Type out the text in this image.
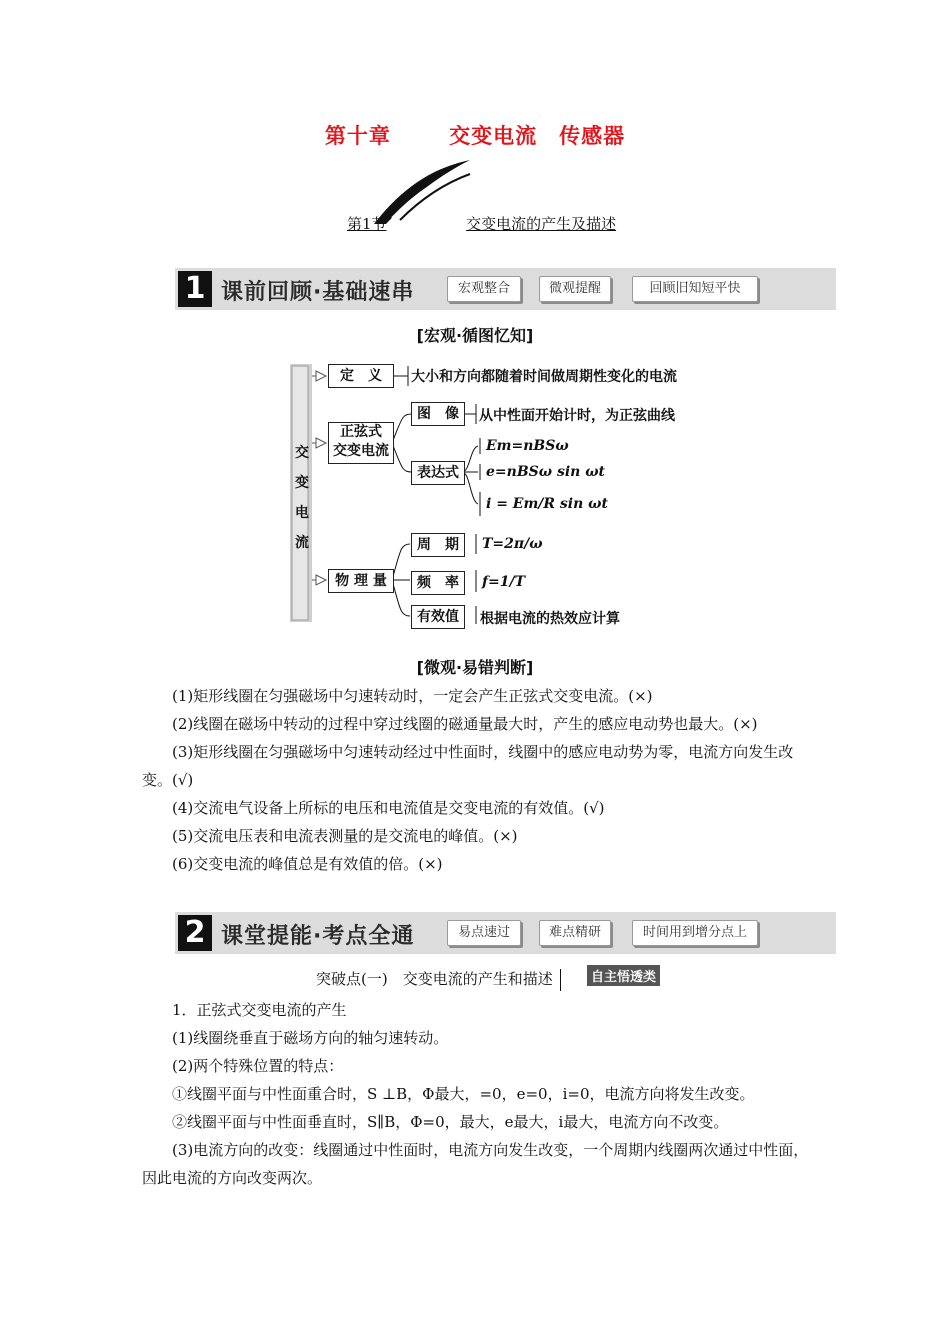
第十章	交变电流　传感器
第1节	交变电流的产生及描述
1 课前回顾·基础速串	宏观整合	微观提醒	回顾旧知短平快
[宏观·循图忆知]
交
变
电
流
定　义	大小和方向都随着时间做周期性变化的电流
正弦式
交变电流
图　像	从中性面开始计时，为正弦曲线
表达式
Em=nBSω
e=nBSω sin ωt
i = Em/R sin ωt
物 理 量
周　期	T=2π/ω
频　率	f=1/T
有效值	根据电流的热效应计算
[微观·易错判断]
(1)矩形线圈在匀强磁场中匀速转动时，一定会产生正弦式交变电流。(×)
(2)线圈在磁场中转动的过程中穿过线圈的磁通量最大时，产生的感应电动势也最大。(×)
(3)矩形线圈在匀强磁场中匀速转动经过中性面时，线圈中的感应电动势为零，电流方向发生改变。(√)
(4)交流电气设备上所标的电压和电流值是交变电流的有效值。(√)
(5)交流电压表和电流表测量的是交流电的峰值。(×)
(6)交变电流的峰值总是有效值的倍。(×)
2 课堂提能·考点全通	易点速过	难点精研	时间用到增分点上
突破点(一)　交变电流的产生和描述	自主悟透类
1．正弦式交变电流的产生
(1)线圈绕垂直于磁场方向的轴匀速转动。
(2)两个特殊位置的特点：
①线圈平面与中性面重合时，S ⊥B，Φ最大，=0，e=0，i=0，电流方向将发生改变。
②线圈平面与中性面垂直时，S∥B，Φ=0，最大，e最大，i最大，电流方向不改变。
(3)电流方向的改变：线圈通过中性面时，电流方向发生改变，一个周期内线圈两次通过中性面，因此电流的方向改变两次。
